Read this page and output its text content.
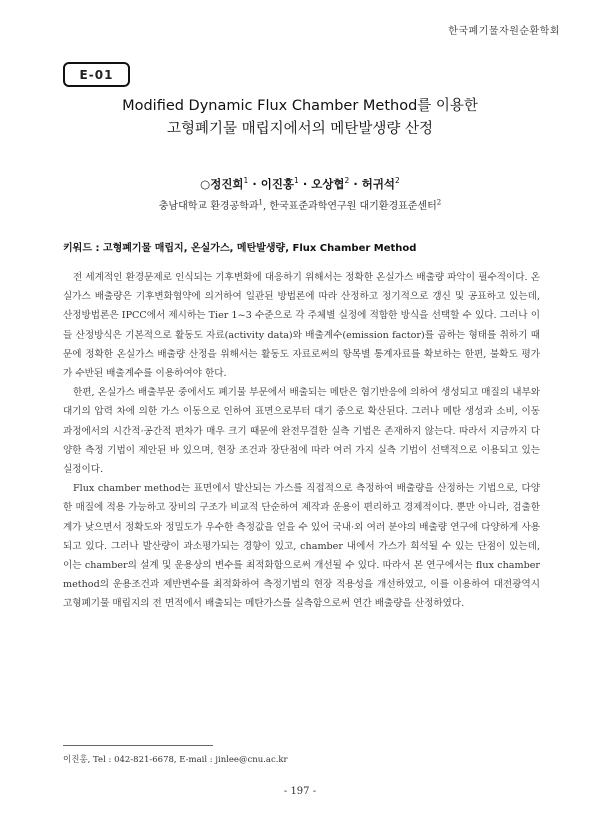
한국폐기물자원순환학회
E-01
Modified Dynamic Flux Chamber Method를 이용한
고형폐기물 매립지에서의 메탄발생량 산정
○정진희$^1$ · 이진홍$^1$ · 오상협$^2$ · 허귀석$^2$
충남대학교 환경공학과$^1$, 한국표준과학연구원 대기환경표준센터$^2$
키워드 : 고형폐기물 매립지, 온실가스, 메탄발생량, Flux Chamber Method

전 세계적인 환경문제로 인식되는 기후변화에 대응하기 위해서는 정확한 온실가스 배출량 파악이 필수적이다. 온실가스 배출량은 기후변화협약에 의거하여 일관된 방법론에 따라 산정하고 정기적으로 갱신 및 공표하고 있는데, 산정방법론은 IPCC에서 제시하는 Tier 1~3 수준으로 각 주체별 실정에 적합한 방식을 선택할 수 있다. 그러나 이들 산정방식은 기본적으로 활동도 자료(activity data)와 배출계수(emission factor)를 곱하는 형태를 취하기 때문에 정확한 온실가스 배출량 산정을 위해서는 활동도 자료로써의 항목별 통계자료를 확보하는 한편, 불확도 평가가 수반된 배출계수를 이용하여야 한다.

한편, 온실가스 배출부문 중에서도 폐기물 부문에서 배출되는 메탄은 혐기반응에 의하여 생성되고 매질의 내부와 대기의 압력 차에 의한 가스 이동으로 인하여 표면으로부터 대기 중으로 확산된다. 그러나 메탄 생성과 소비, 이동 과정에서의 시간적·공간적 편차가 매우 크기 때문에 완전무결한 실측 기법은 존재하지 않는다. 따라서 지금까지 다양한 측정 기법이 제안된 바 있으며, 현장 조건과 장단점에 따라 여러 가지 실측 기법이 선택적으로 이용되고 있는 실정이다.

Flux chamber method는 표면에서 발산되는 가스를 직접적으로 측정하여 배출량을 산정하는 기법으로, 다양한 매질에 적용 가능하고 장비의 구조가 비교적 단순하여 제작과 운용이 편리하고 경제적이다. 뿐만 아니라, 검출한계가 낮으면서 정확도와 정밀도가 우수한 측정값을 얻을 수 있어 국내·외 여러 분야의 배출량 연구에 다양하게 사용되고 있다. 그러나 발산량이 과소평가되는 경향이 있고, chamber 내에서 가스가 희석될 수 있는 단점이 있는데, 이는 chamber의 설계 및 운용상의 변수를 최적화함으로써 개선될 수 있다. 따라서 본 연구에서는 flux chamber method의 운용조건과 제반변수를 최적화하여 측정기법의 현장 적용성을 개선하였고, 이를 이용하여 대전광역시 고형폐기물 매립지의 전 면적에서 배출되는 메탄가스를 실측함으로써 연간 배출량을 산정하였다.

이진홍, Tel : 042-821-6678, E-mail : jinlee@cnu.ac.kr
- 197 -
